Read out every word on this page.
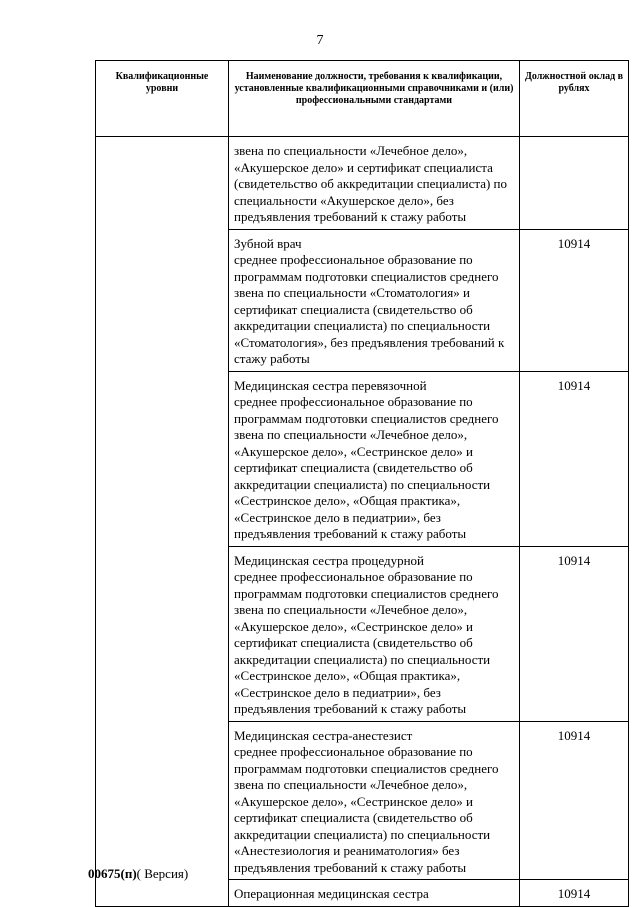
7
Квалификационные уровни	Наименование должности, требования к квалификации, установленные квалификационными справочниками и (или) профессиональными стандартами	Должностной оклад в рублях

	звена по специальности «Лечебное дело», «Акушерское дело» и сертификат специалиста (свидетельство об аккредитации специалиста) по специальности «Акушерское дело», без предъявления требований к стажу работы	

	Зубной врач
среднее профессиональное образование по программам подготовки специалистов среднего звена по специальности «Стоматология» и сертификат специалиста (свидетельство об аккредитации специалиста) по специальности «Стоматология», без предъявления требований к стажу работы	10914

	Медицинская сестра перевязочной
среднее профессиональное образование по программам подготовки специалистов среднего звена по специальности «Лечебное дело», «Акушерское дело», «Сестринское дело» и сертификат специалиста (свидетельство об аккредитации специалиста) по специальности «Сестринское дело», «Общая практика», «Сестринское дело в педиатрии», без предъявления требований к стажу работы	10914

	Медицинская сестра процедурной
среднее профессиональное образование по программам подготовки специалистов среднего звена по специальности «Лечебное дело», «Акушерское дело», «Сестринское дело» и сертификат специалиста (свидетельство об аккредитации специалиста) по специальности «Сестринское дело», «Общая практика», «Сестринское дело в педиатрии», без предъявления требований к стажу работы	10914

	Медицинская сестра-анестезист
среднее профессиональное образование по программам подготовки специалистов среднего звена по специальности «Лечебное дело», «Акушерское дело», «Сестринское дело» и сертификат специалиста (свидетельство об аккредитации специалиста) по специальности «Анестезиология и реаниматология» без предъявления требований к стажу работы	10914

	Операционная медицинская сестра	10914
00675(п)( Версия)
